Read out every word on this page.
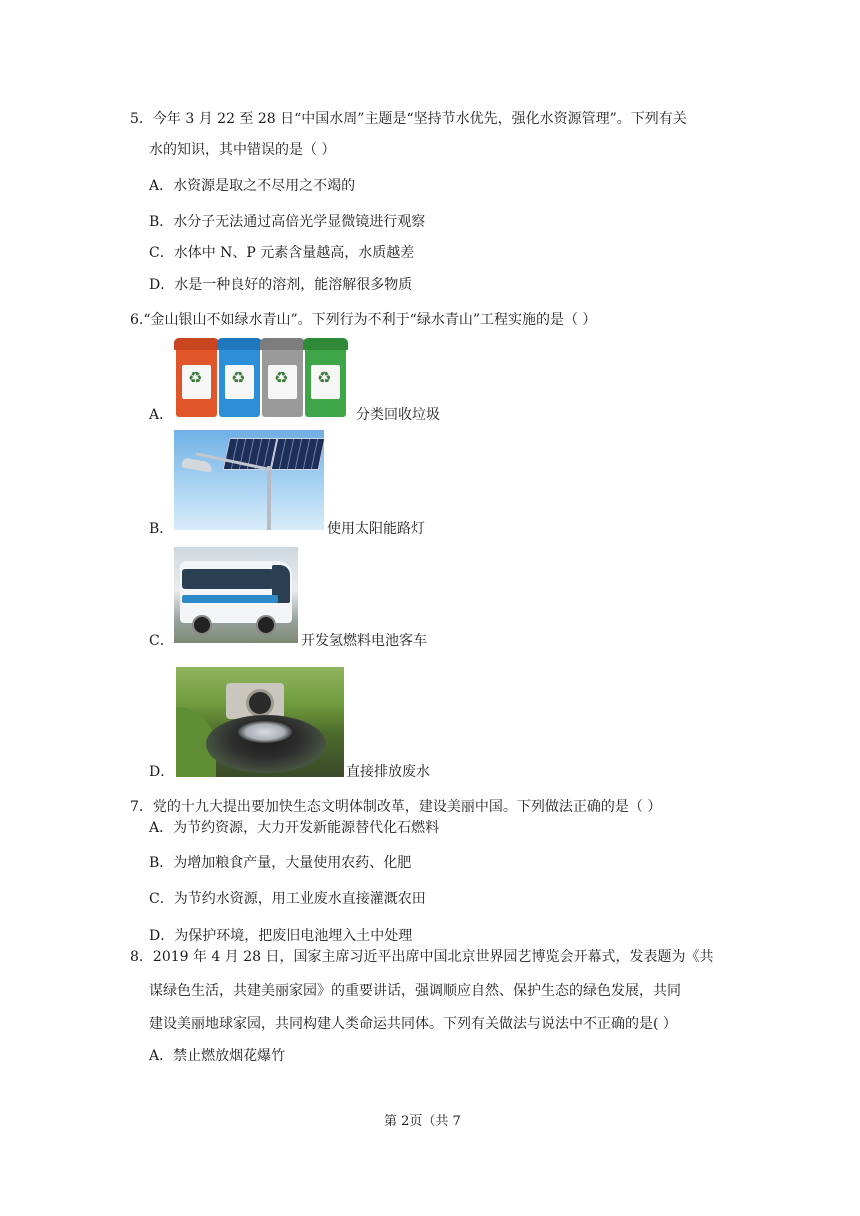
5．今年 3 月 22 至 28 日“中国水周”主题是“坚持节水优先，强化水资源管理”。下列有关
水的知识，其中错误的是（ ）
A．水资源是取之不尽用之不竭的
B．水分子无法通过高倍光学显微镜进行观察
C．水体中 N、P 元素含量越高，水质越差
D．水是一种良好的溶剂，能溶解很多物质
6.“金山银山不如绿水青山”。下列行为不利于“绿水青山”工程实施的是（ ）
A．
♻ ♻ ♻ ♻
分类回收垃圾
B．	使用太阳能路灯
C．	开发氢燃料电池客车
D．	直接排放废水
7．党的十九大提出要加快生态文明体制改革，建设美丽中国。下列做法正确的是（ ）
A．为节约资源，大力开发新能源替代化石燃料
B．为增加粮食产量，大量使用农药、化肥
C．为节约水资源，用工业废水直接灌溉农田
D．为保护环境，把废旧电池埋入土中处理
8．2019 年 4 月 28 日，国家主席习近平出席中国北京世界园艺博览会开幕式，发表题为《共
谋绿色生活，共建美丽家园》的重要讲话，强调顺应自然、保护生态的绿色发展，共同
建设美丽地球家园，共同构建人类命运共同体。下列有关做法与说法中不正确的是( ）
A．禁止燃放烟花爆竹
第 2页（共 7
